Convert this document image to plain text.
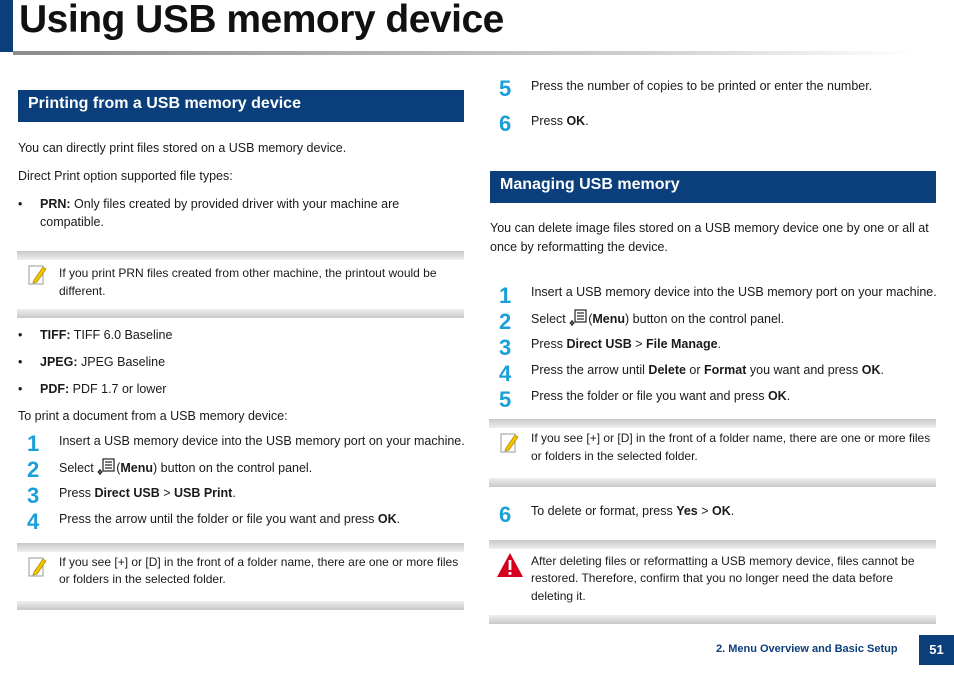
Using USB memory device
Printing from a USB memory device
You can directly print files stored on a USB memory device.
Direct Print option supported file types:
• PRN: Only files created by provided driver with your machine are
compatible.
If you print PRN files created from other machine, the printout would be
different.
• TIFF: TIFF 6.0 Baseline
• JPEG: JPEG Baseline
• PDF: PDF 1.7 or lower
To print a document from a USB memory device:
1	Insert a USB memory device into the USB memory port on your machine.
2	Select (Menu) button on the control panel.
3	Press Direct USB > USB Print.
4	Press the arrow until the folder or file you want and press OK.
If you see [+] or [D] in the front of a folder name, there are one or more files
or folders in the selected folder.
5	Press the number of copies to be printed or enter the number.
6	Press OK.
Managing USB memory
You can delete image files stored on a USB memory device one by one or all at
once by reformatting the device.
1	Insert a USB memory device into the USB memory port on your machine.
2	Select (Menu) button on the control panel.
3	Press Direct USB > File Manage.
4	Press the arrow until Delete or Format you want and press OK.
5	Press the folder or file you want and press OK.
If you see [+] or [D] in the front of a folder name, there are one or more files
or folders in the selected folder.
6	To delete or format, press Yes > OK.
After deleting files or reformatting a USB memory device, files cannot be
restored. Therefore, confirm that you no longer need the data before
deleting it.
2. Menu Overview and Basic Setup	51
